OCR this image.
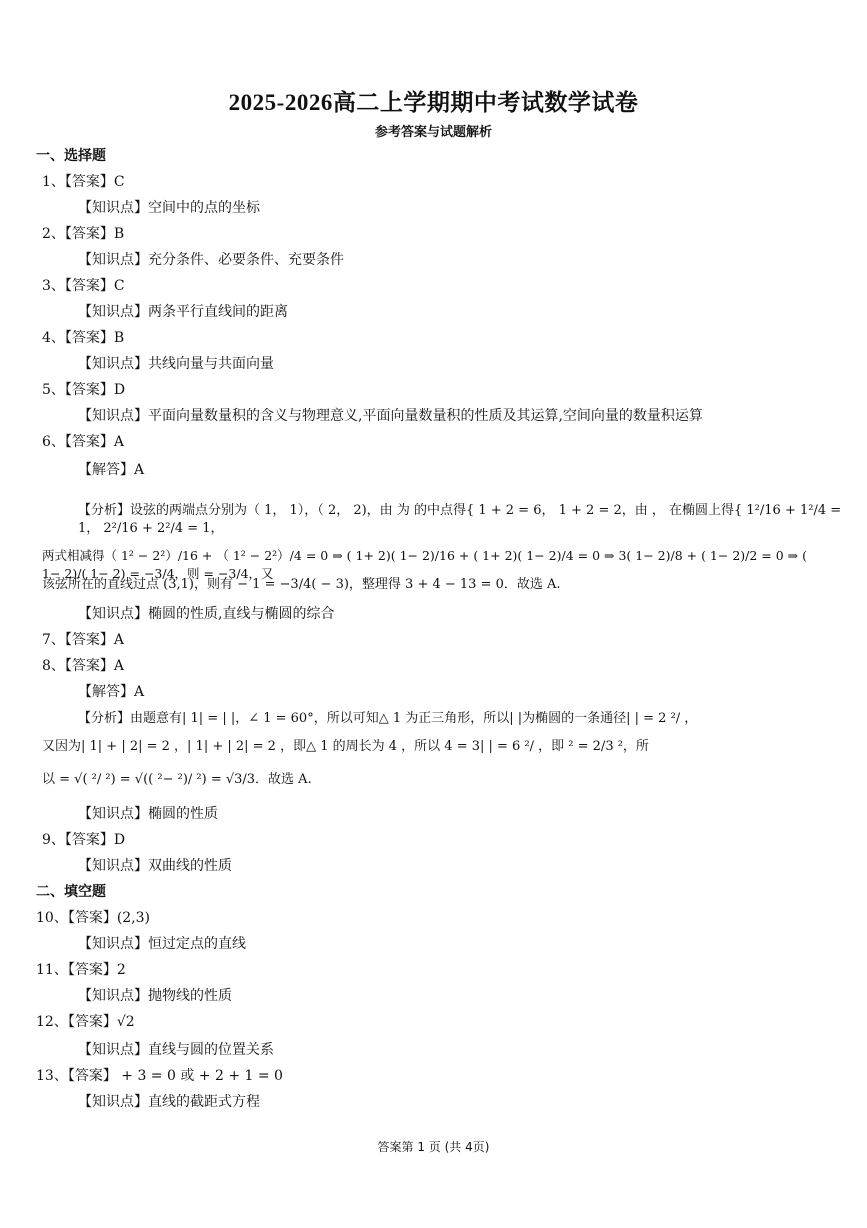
2025-2026高二上学期期中考试数学试卷
参考答案与试题解析
一、选择题
1、【答案】C
【知识点】空间中的点的坐标
2、【答案】B
【知识点】充分条件、必要条件、充要条件
3、【答案】C
【知识点】两条平行直线间的距离
4、【答案】B
【知识点】共线向量与共面向量
5、【答案】D
【知识点】平面向量数量积的含义与物理意义,平面向量数量积的性质及其运算,空间向量的数量积运算
6、【答案】A
【解答】A
【分析】设弦的两端点分别为（ 1， 1），（ 2， 2)，由 为 的中点得{ 1 + 2 = 6， 1 + 2 = 2，由 ， 在椭圆上得{ 1²/16 + 1²/4 = 1， 2²/16 + 2²/4 = 1，
两式相减得（ 1² − 2²）/16 + （ 1² − 2²）/4 = 0 ⇒ ( 1+ 2)( 1− 2)/16 + ( 1+ 2)( 1− 2)/4 = 0 ⇒ 3( 1− 2)/8 + ( 1− 2)/2 = 0 ⇒ ( 1− 2)/( 1− 2) = −3/4，则 = −3/4，又
该弦所在的直线过点 (3,1)，则有 − 1 = −3/4( − 3)，整理得 3 + 4 − 13 = 0．故选 A.
【知识点】椭圆的性质,直线与椭圆的综合
7、【答案】A
8、【答案】A
【解答】A
【分析】由题意有| 1| = | |，∠ 1 = 60°，所以可知△ 1 为正三角形，所以| |为椭圆的一条通径| | = 2 ²/ ，
又因为| 1| + | 2| = 2 ，| 1| + | 2| = 2 ，即△ 1 的周长为 4 ，所以 4 = 3| | = 6 ²/ ，即 ² = 2/3 ²，所
以 = √( ²/ ²) = √(( ²− ²)/ ²) = √3/3．故选 A.
【知识点】椭圆的性质
9、【答案】D
【知识点】双曲线的性质
二、填空题
10、【答案】(2,3)
【知识点】恒过定点的直线
11、【答案】2
【知识点】抛物线的性质
12、【答案】√2
【知识点】直线与圆的位置关系
13、【答案】 + 3 = 0 或 + 2 + 1 = 0
【知识点】直线的截距式方程
答案第 1 页 (共 4页)
